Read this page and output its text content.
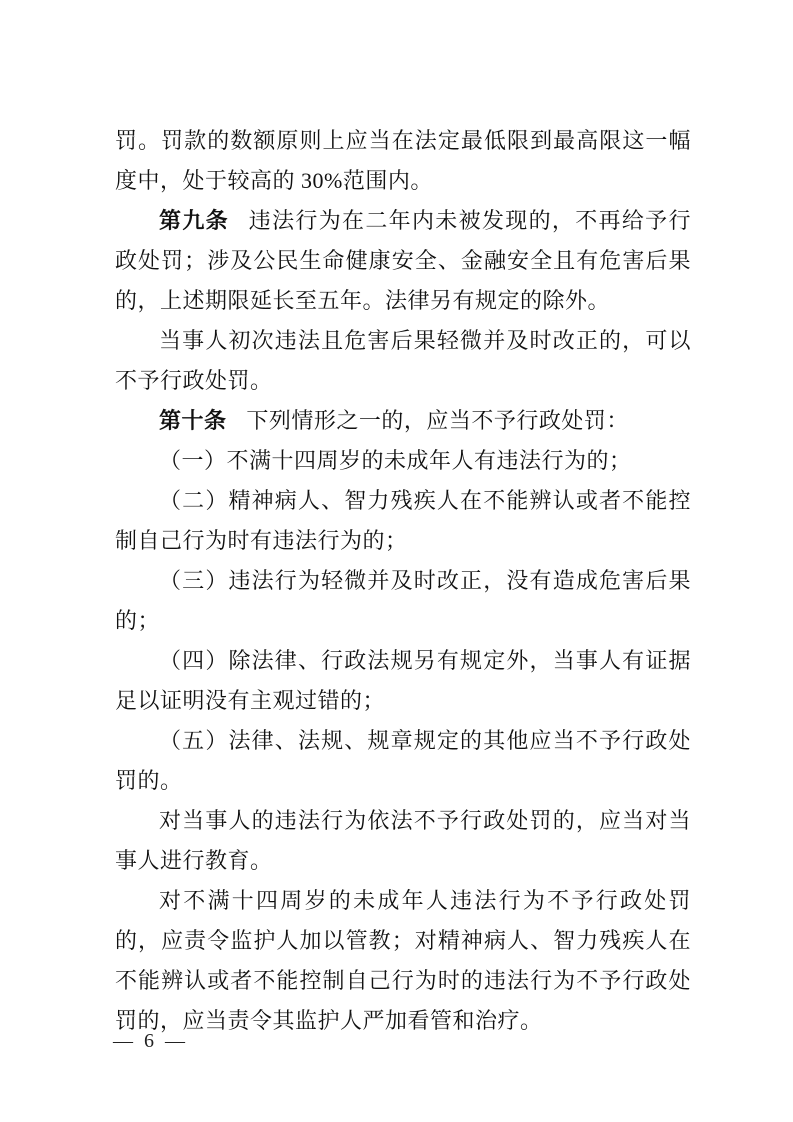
罚。罚款的数额原则上应当在法定最低限到最高限这一幅度中，处于较高的 30%范围内。

第九条 违法行为在二年内未被发现的，不再给予行政处罚；涉及公民生命健康安全、金融安全且有危害后果的，上述期限延长至五年。法律另有规定的除外。

当事人初次违法且危害后果轻微并及时改正的，可以不予行政处罚。

第十条 下列情形之一的，应当不予行政处罚：

（一）不满十四周岁的未成年人有违法行为的；

（二）精神病人、智力残疾人在不能辨认或者不能控制自己行为时有违法行为的；

（三）违法行为轻微并及时改正，没有造成危害后果的；

（四）除法律、行政法规另有规定外，当事人有证据足以证明没有主观过错的；

（五）法律、法规、规章规定的其他应当不予行政处罚的。

对当事人的违法行为依法不予行政处罚的，应当对当事人进行教育。

对不满十四周岁的未成年人违法行为不予行政处罚的，应责令监护人加以管教；对精神病人、智力残疾人在不能辨认或者不能控制自己行为时的违法行为不予行政处罚的，应当责令其监护人严加看管和治疗。

— 6 —
